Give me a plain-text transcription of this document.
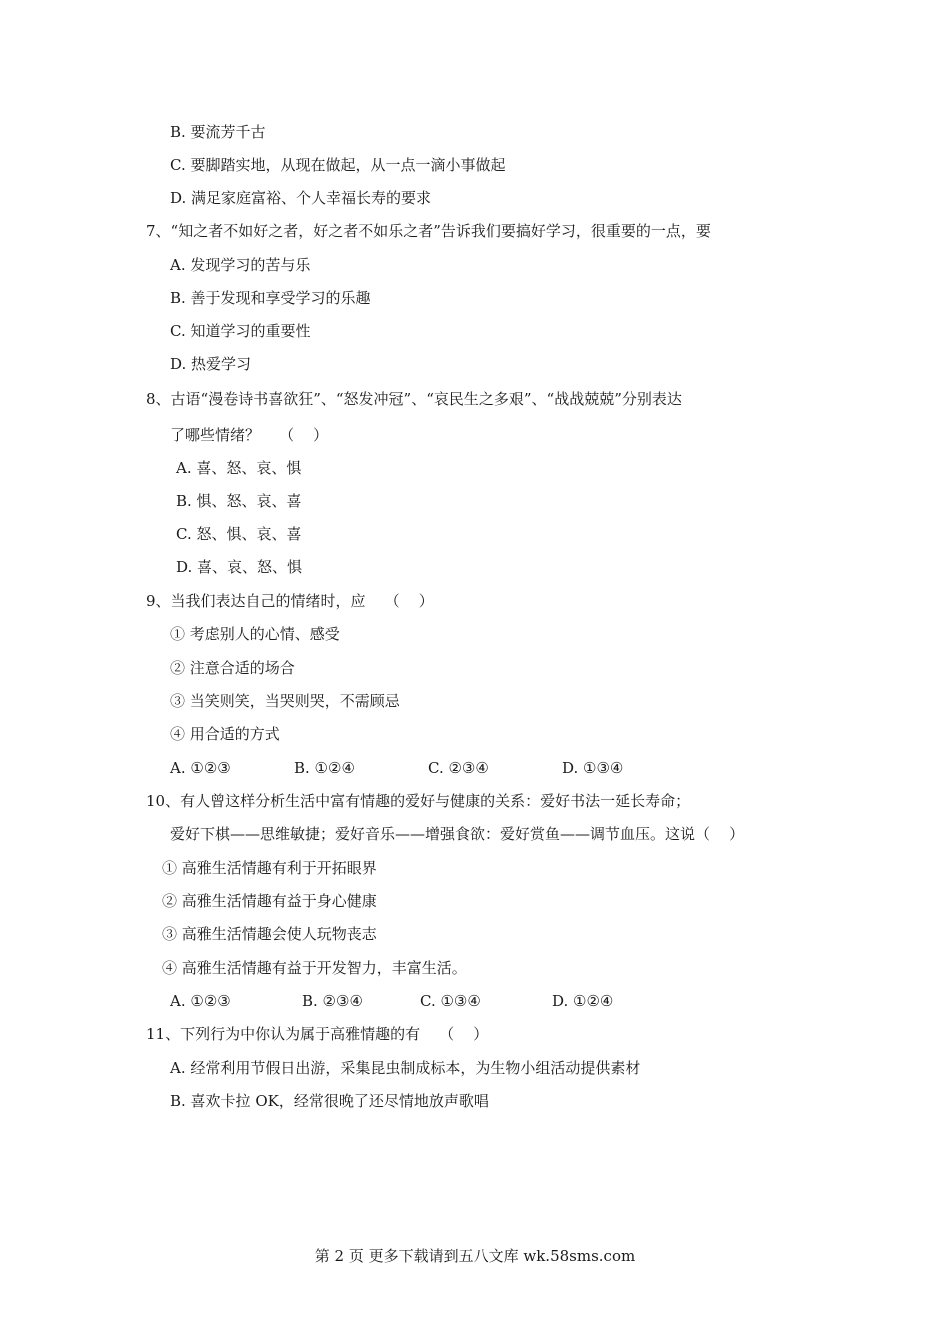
B. 要流芳千古
C. 要脚踏实地，从现在做起，从一点一滴小事做起
D. 满足家庭富裕、个人幸福长寿的要求
7、“知之者不如好之者，好之者不如乐之者”告诉我们要搞好学习，很重要的一点，要
A. 发现学习的苦与乐
B. 善于发现和享受学习的乐趣
C. 知道学习的重要性
D. 热爱学习
8、古语“漫卷诗书喜欲狂”、“怒发冲冠”、“哀民生之多艰”、“战战兢兢”分别表达
了哪些情绪？    （    ）
A. 喜、怒、哀、惧
B. 惧、怒、哀、喜
C. 怒、惧、哀、喜
D. 喜、哀、怒、惧
9、当我们表达自己的情绪时，应    （    ）
① 考虑别人的心情、感受
② 注意合适的场合
③ 当笑则笑，当哭则哭，不需顾忌
④ 用合适的方式
A. ①②③	B. ①②④	C. ②③④	D. ①③④
10、有人曾这样分析生活中富有情趣的爱好与健康的关系：爱好书法一延长寿命；
爱好下棋——思维敏捷；爱好音乐——增强食欲：爱好赏鱼——调节血压。这说（    ）
① 高雅生活情趣有利于开拓眼界
② 高雅生活情趣有益于身心健康
③ 高雅生活情趣会使人玩物丧志
④ 高雅生活情趣有益于开发智力，丰富生活。
A. ①②③	B. ②③④	C. ①③④	D. ①②④
11、下列行为中你认为属于高雅情趣的有    （    ）
A. 经常利用节假日出游，采集昆虫制成标本，为生物小组活动提供素材
B. 喜欢卡拉 OK，经常很晚了还尽情地放声歌唱
第 2 页 更多下载请到五八文库 wk.58sms.com
